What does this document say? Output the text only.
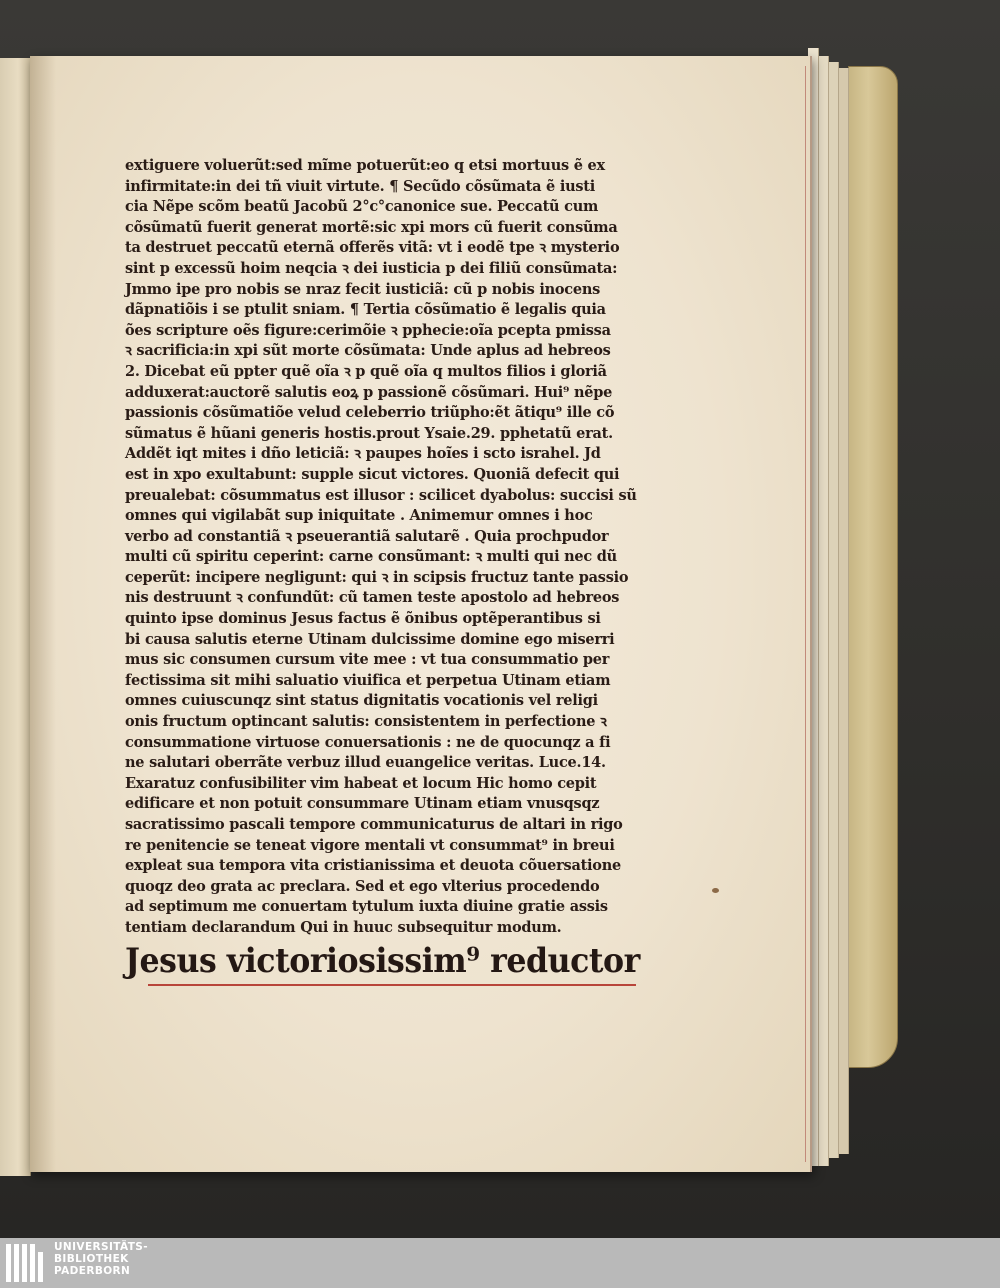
extiguere voluerũt:sed mĩme potuerũt:eo q etsi mortuus ẽ ex
infirmitate:in dei tñ viuit virtute. ¶ Secũdo cõsũmata ẽ iusti
cia Nẽpe scõm beatũ Jacobũ 2°c°canonice sue. Peccatũ cum
cõsũmatũ fuerit generat mortẽ:sic xpi mors cũ fuerit consũma
ta destruet peccatũ eternã offerẽs vitã: vt i eodẽ tpe ꝛ mysterio
sint p excessũ hoim neqcia ꝛ dei iusticia p dei filiũ consũmata:
Jmmo ipe pro nobis se nraz fecit iusticiã: cũ p nobis inocens
dãpnatiõis i se ptulit sniam. ¶ Tertia cõsũmatio ẽ legalis quia
ões scripture oẽs figure:cerimõie ꝛ pphecie:oĩa pcepta pmissa
ꝛ sacrificia:in xpi sũt morte cõsũmata: Unde aplus ad hebreos
2. Dicebat eũ ppter quẽ oĩa ꝛ p quẽ oĩa q multos filios i gloriã
adduxerat:auctorẽ salutis eoꝝ p passionẽ cõsũmari. Hui⁹ nẽpe
passionis cõsũmatiõe velud celeberrio triũpho:ẽt ãtiqu⁹ ille cõ
sũmatus ẽ hũani generis hostis.prout Ysaie.29. pphetatũ erat.
Addẽt iqt mites i dño leticiã: ꝛ paupes hoĩes i scto israhel. Jd
est in xpo exultabunt: supple sicut victores. Quoniã defecit qui
preualebat: cõsummatus est illusor : scilicet dyabolus: succisi sũ
omnes qui vigilabãt sup iniquitate . Animemur omnes i hoc
verbo ad constantiã ꝛ pseuerantiã salutarẽ . Quia prochpudor
multi cũ spiritu ceperint: carne consũmant: ꝛ multi qui nec dũ
ceperũt: incipere negligunt: qui ꝛ in scipsis fructuz tante passio
nis destruunt ꝛ confundũt: cũ tamen teste apostolo ad hebreos
quinto ipse dominus Jesus factus ẽ õnibus optẽperantibus si
bi causa salutis eterne Utinam dulcissime domine ego miserri
mus sic consumen cursum vite mee : vt tua consummatio per
fectissima sit mihi saluatio viuifica et perpetua Utinam etiam
omnes cuiuscunqz sint status dignitatis vocationis vel religi
onis fructum optincant salutis: consistentem in perfectione ꝛ
consummatione virtuose conuersationis : ne de quocunqz a fi
ne salutari oberrãte verbuz illud euangelice veritas. Luce.14.
Exaratuz confusibiliter vim habeat et locum Hic homo cepit
edificare et non potuit consummare Utinam etiam vnusqsqz
sacratissimo pascali tempore communicaturus de altari in rigo
re penitencie se teneat vigore mentali vt consummat⁹ in breui
expleat sua tempora vita cristianissima et deuota cõuersatione
quoqz deo grata ac preclara. Sed et ego vlterius procedendo
ad septimum me conuertam tytulum iuxta diuine gratie assis
tentiam declarandum Qui in huuc subsequitur modum.
Jesus victoriosissim⁹ reductor
UNIVERSITÄTS-
BIBLIOTHEK
PADERBORN
